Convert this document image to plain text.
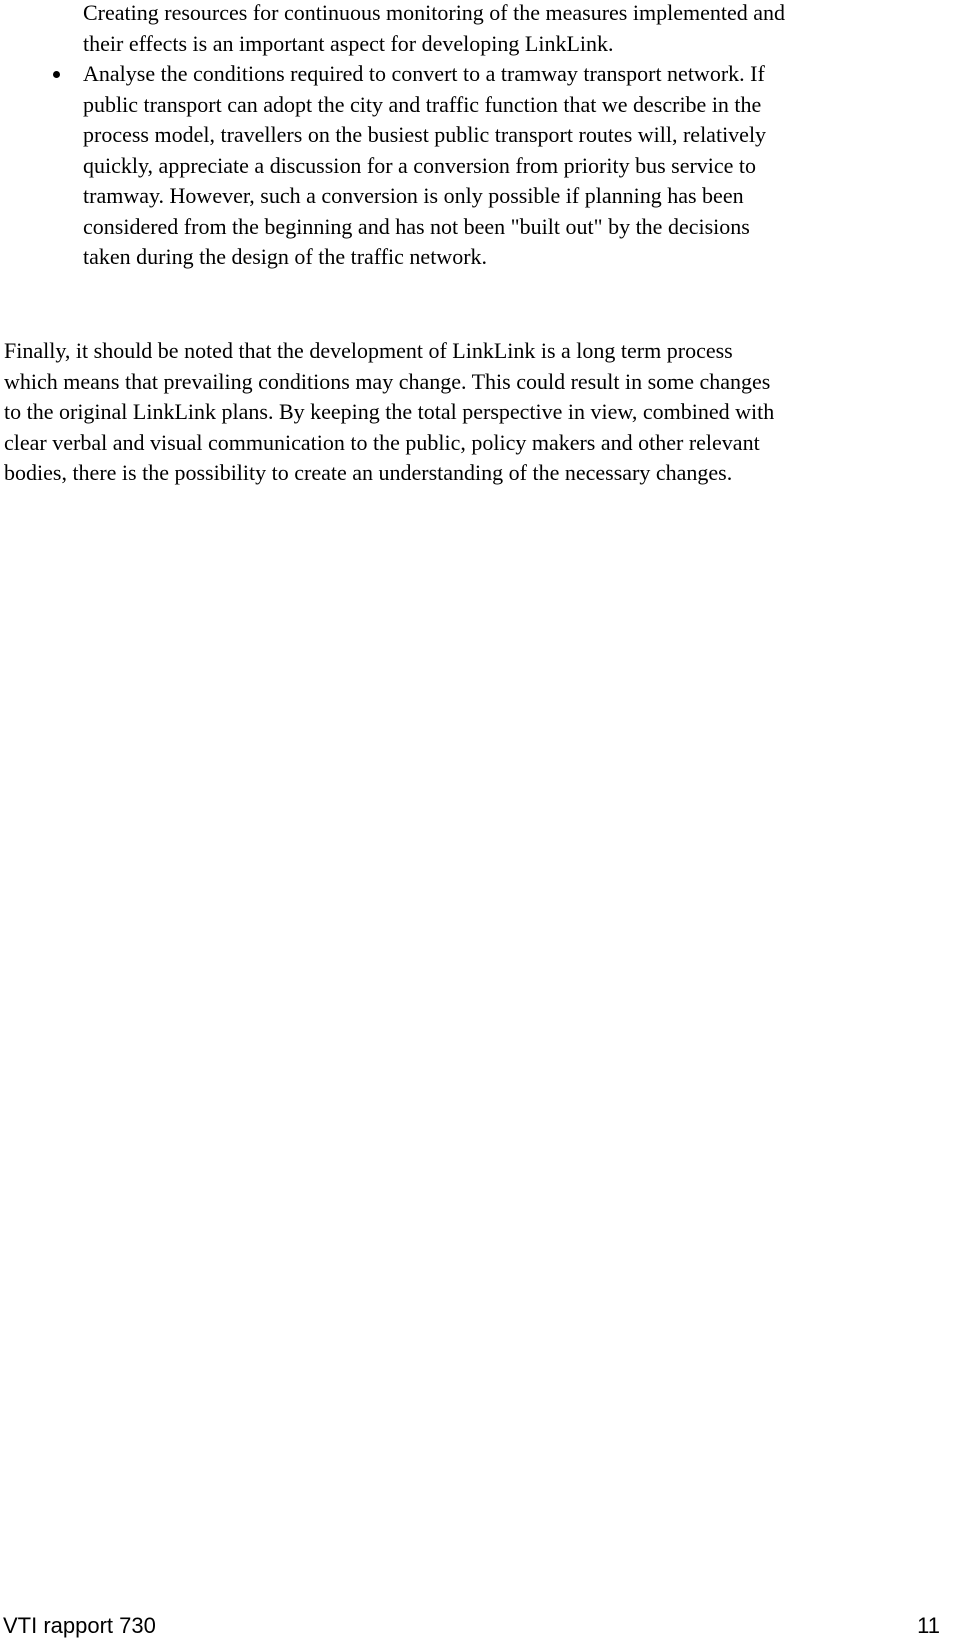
Creating resources for continuous monitoring of the measures implemented and
their effects is an important aspect for developing LinkLink.

Analyse the conditions required to convert to a tramway transport network. If
public transport can adopt the city and traffic function that we describe in the
process model, travellers on the busiest public transport routes will, relatively
quickly, appreciate a discussion for a conversion from priority bus service to
tramway. However, such a conversion is only possible if planning has been
considered from the beginning and has not been "built out" by the decisions
taken during the design of the traffic network.

Finally, it should be noted that the development of LinkLink is a long term process
which means that prevailing conditions may change. This could result in some changes
to the original LinkLink plans. By keeping the total perspective in view, combined with
clear verbal and visual communication to the public, policy makers and other relevant
bodies, there is the possibility to create an understanding of the necessary changes.

VTI rapport 730	11
